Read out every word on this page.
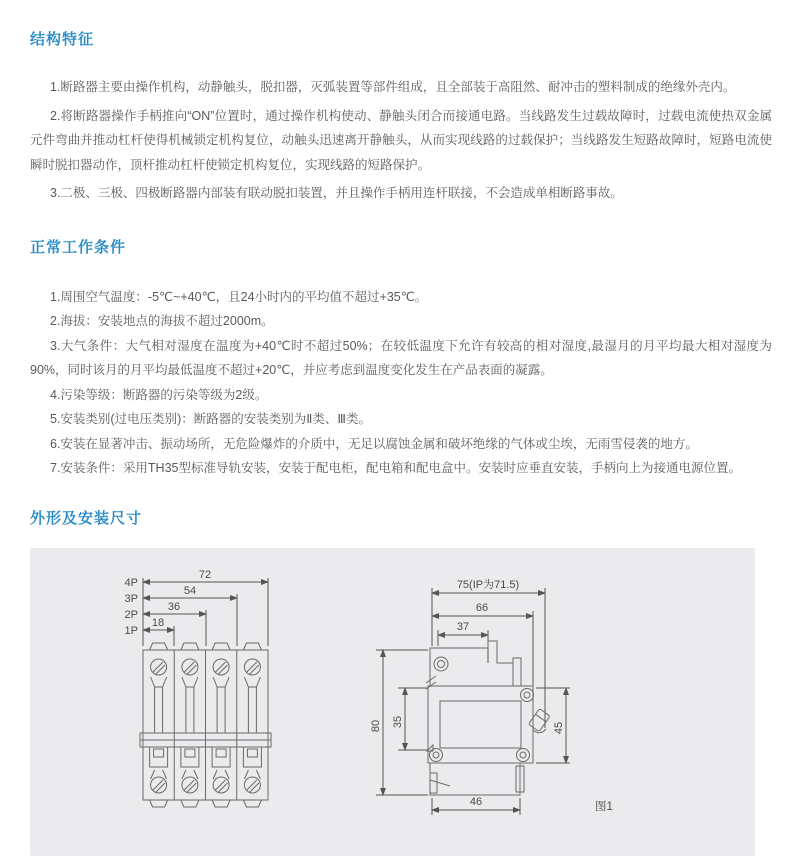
结构特征

1.断路器主要由操作机构，动静触头，脱扣器，灭弧装置等部件组成，且全部装于高阻然、耐冲击的塑料制成的绝缘外壳内。

2.将断路器操作手柄推向“ON”位置时，通过操作机构使动、静触头闭合而接通电路。当线路发生过载故障时，过载电流使热双金属元件弯曲并推动杠杆使得机械锁定机构复位，动触头迅速离开静触头，从而实现线路的过载保护；当线路发生短路故障时，短路电流使瞬时脱扣器动作，顶杆推动杠杆使锁定机构复位，实现线路的短路保护。

3.二极、三极、四极断路器内部装有联动脱扣装置，并且操作手柄用连杆联接，不会造成单相断路事故。

正常工作条件

1.周围空气温度：-5℃~+40℃，且24小时内的平均值不超过+35℃。

2.海拔：安装地点的海拔不超过2000m。

3.大气条件：大气相对湿度在温度为+40℃时不超过50%；在较低温度下允许有较高的相对湿度,最湿月的月平均最大相对湿度为90%，同时该月的月平均最低温度不超过+20℃，并应考虑到温度变化发生在产品表面的凝露。

4.污染等级：断路器的污染等级为2级。

5.安装类别(过电压类别)：断路器的安装类别为Ⅱ类、Ⅲ类。

6.安装在显著冲击、振动场所，无危险爆炸的介质中，无足以腐蚀金属和破坏绝缘的气体或尘埃，无雨雪侵袭的地方。

7.安装条件：采用TH35型标准导轨安装，安装于配电柜，配电箱和配电盒中。安装时应垂直安装，手柄向上为接通电源位置。

外形及安装尺寸
72
54
36
18
4P
3P
2P
1P
75(IP为71.5)
66
37
80 35	45
46	图1
